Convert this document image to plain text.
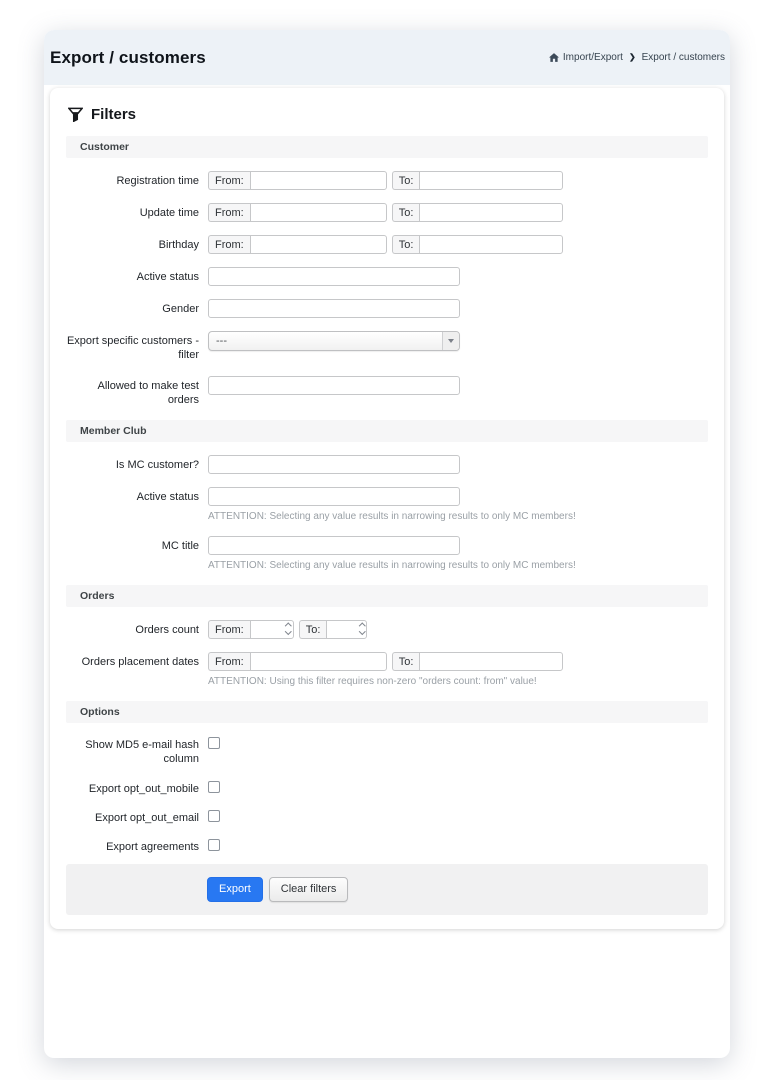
Export / customers	Import/Export ❯ Export / customers
Filters
Customer
Registration time	From:	To:
Update time	From:	To:
Birthday	From:	To:
Active status
Gender
Export specific customers - filter
---
Allowed to make test orders
Member Club
Is MC customer?
Active status
ATTENTION: Selecting any value results in narrowing results to only MC members!
MC title
ATTENTION: Selecting any value results in narrowing results to only MC members!
Orders
Orders count	From:	To:
Orders placement dates	From:	To:
ATTENTION: Using this filter requires non-zero "orders count: from" value!
Options
Show MD5 e-mail hash column
Export opt_out_mobile
Export opt_out_email
Export agreements
Export	Clear filters
